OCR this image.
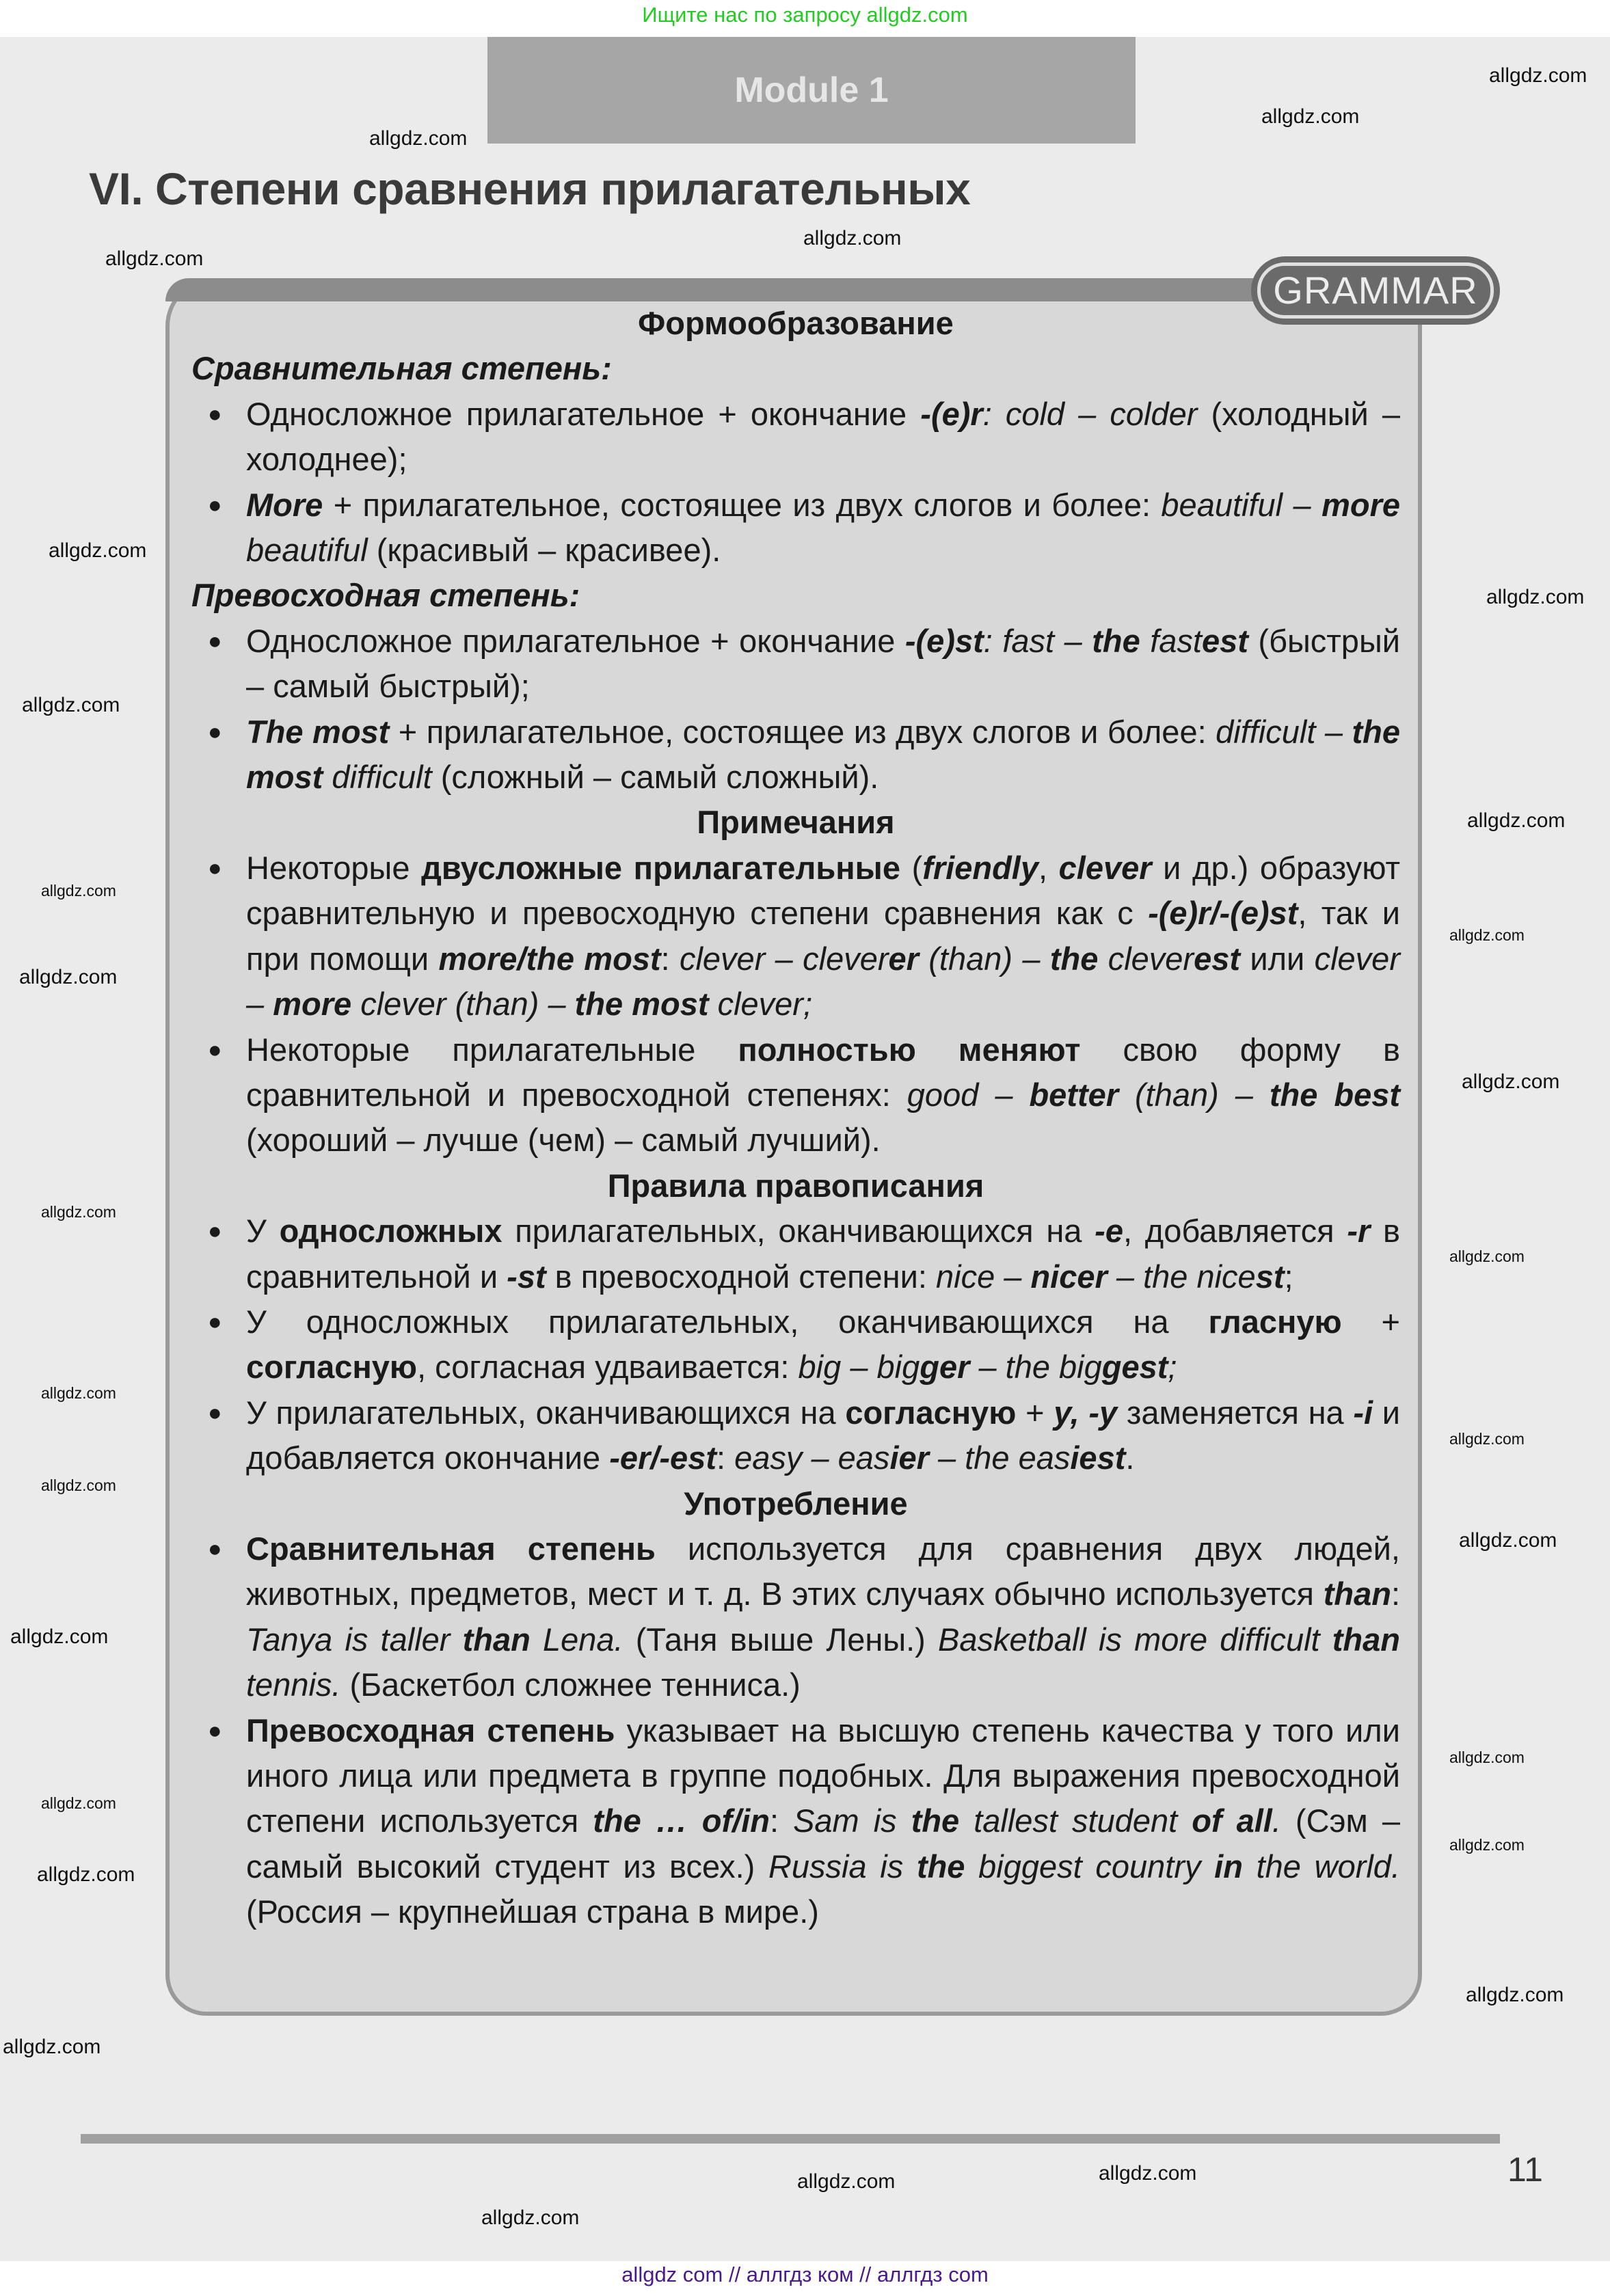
Ищите нас по запросу allgdz.com
Module 1
VI. Степени сравнения прилагательных
GRAMMAR
Формообразование
Сравнительная степень:
● Односложное прилагательное + окончание -(e)r: cold – colder (холодный – холоднее);
● More + прилагательное, состоящее из двух слогов и более: beautiful – more beautiful (красивый – красивее).
Превосходная степень:
● Односложное прилагательное + окончание -(e)st: fast – the fastest (быстрый – самый быстрый);
● The most + прилагательное, состоящее из двух слогов и более: difficult – the most difficult (сложный – самый сложный).
Примечания
● Некоторые двусложные прилагательные (friendly, clever и др.) образуют сравнительную и превосходную степени сравнения как с -(e)r/-(e)st, так и при помощи more/the most: clever – cleverer (than) – the cleverest или clever – more clever (than) – the most clever;
● Некоторые прилагательные полностью меняют свою форму в сравнительной и превосходной степенях: good – better (than) – the best (хороший – лучше (чем) – самый лучший).
Правила правописания
● У односложных прилагательных, оканчивающихся на -e, добавляется -r в сравнительной и -st в превосходной степени: nice – nicer – the nicest;
● У односложных прилагательных, оканчивающихся на гласную + согласную, согласная удваивается: big – bigger – the biggest;
● У прилагательных, оканчивающихся на согласную + y, -y заменяется на -i и добавляется окончание -er/-est: easy – easier – the easiest.
Употребление
● Сравнительная степень используется для сравнения двух людей, животных, предметов, мест и т. д. В этих случаях обычно используется than: Tanya is taller than Lena. (Таня выше Лены.) Basketball is more difficult than tennis. (Баскетбол сложнее тенниса.)
● Превосходная степень указывает на высшую степень качества у того или иного лица или предмета в группе подобных. Для выражения превосходной степени используется the … of/in: Sam is the tallest student of all. (Сэм – самый высокий студент из всех.) Russia is the biggest country in the world. (Россия – крупнейшая страна в мире.)
11
allgdz com // аллгдз ком // аллгдз com
allgdz.com
allgdz.com
allgdz.com
allgdz.com
allgdz.com
allgdz.com
allgdz.com
allgdz.com
allgdz.com
allgdz.com
allgdz.com
allgdz.com
allgdz.com
allgdz.com
allgdz.com
allgdz.com
allgdz.com
allgdz.com
allgdz.com
allgdz.com
allgdz.com
allgdz.com
allgdz.com
allgdz.com
allgdz.com
allgdz.com
allgdz.com	allgdz.com
allgdz.com
